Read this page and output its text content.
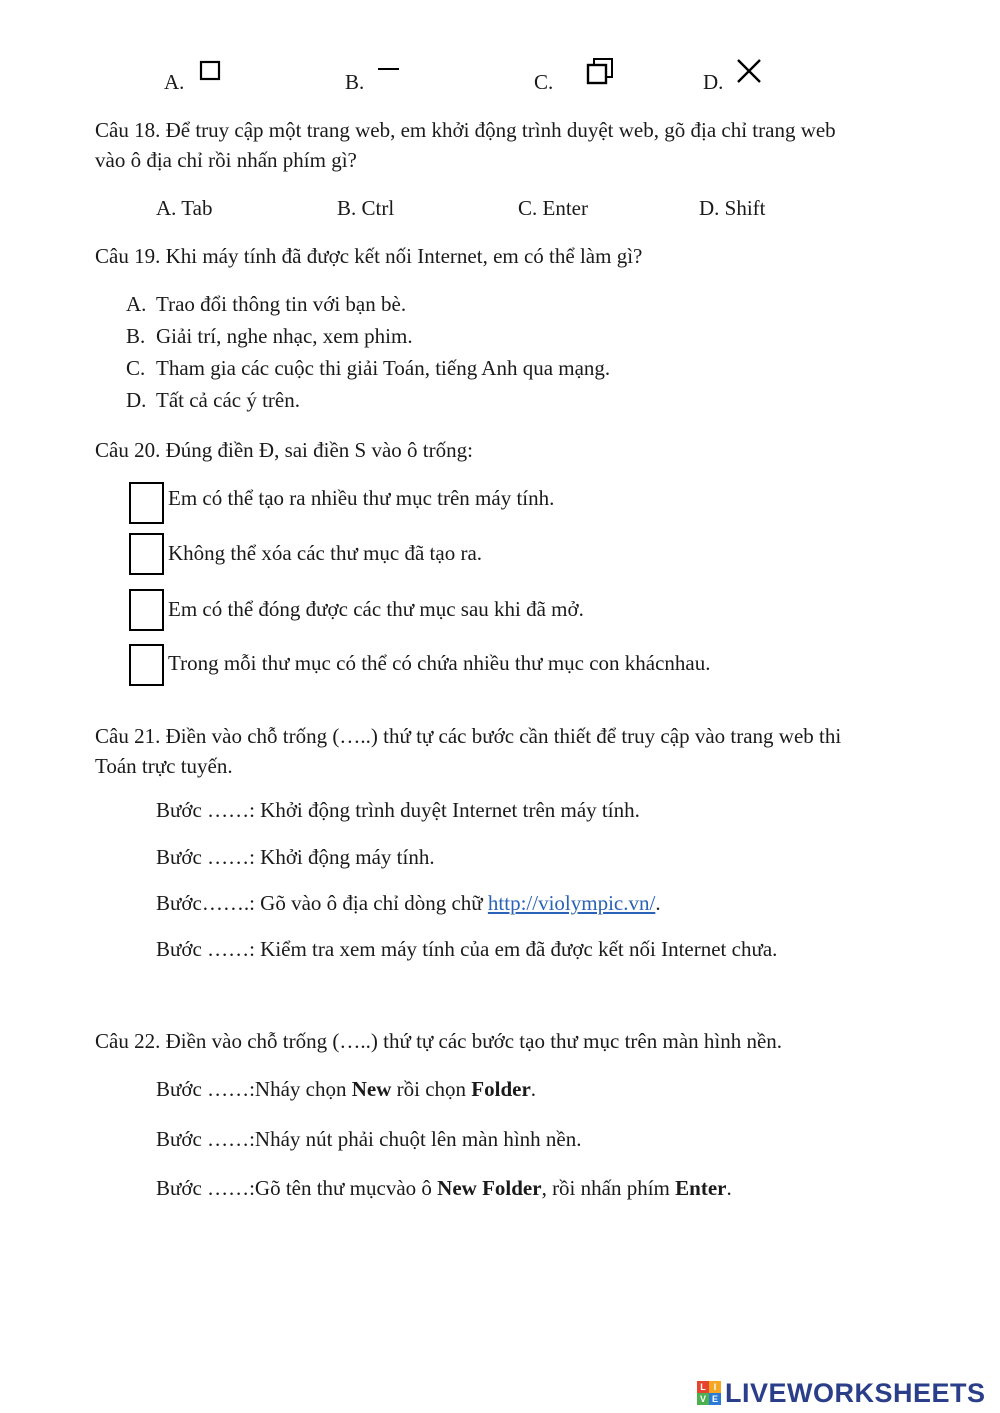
A.	B.	C.	D.
Câu 18. Để truy cập một trang web, em khởi động trình duyệt web, gõ địa chỉ trang web
vào ô địa chỉ rồi nhấn phím gì?
A. Tab	B. Ctrl	C. Enter	D. Shift
Câu 19. Khi máy tính đã được kết nối Internet, em có thể làm gì?
A. Trao đổi thông tin với bạn bè.
B. Giải trí, nghe nhạc, xem phim.
C. Tham gia các cuộc thi giải Toán, tiếng Anh qua mạng.
D. Tất cả các ý trên.
Câu 20. Đúng điền Đ, sai điền S vào ô trống:
Em có thể tạo ra nhiều thư mục trên máy tính.
Không thể xóa các thư mục đã tạo ra.
Em có thể đóng được các thư mục sau khi đã mở.
Trong mỗi thư mục có thể có chứa nhiều thư mục con khácnhau.
Câu 21. Điền vào chỗ trống (…..) thứ tự các bước cần thiết để truy cập vào trang web thi
Toán trực tuyến.
Bước ……: Khởi động trình duyệt Internet trên máy tính.
Bước ……: Khởi động máy tính.
Bước…….: Gõ vào ô địa chỉ dòng chữ http://violympic.vn/.
Bước ……: Kiểm tra xem máy tính của em đã được kết nối Internet chưa.
Câu 22. Điền vào chỗ trống (…..) thứ tự các bước tạo thư mục trên màn hình nền.
Bước ……:Nháy chọn New rồi chọn Folder.
Bước ……:Nháy nút phải chuột lên màn hình nền.
Bước ……:Gõ tên thư mụcvào ô New Folder, rồi nhấn phím Enter.
L I
V E LIVEWORKSHEETS
